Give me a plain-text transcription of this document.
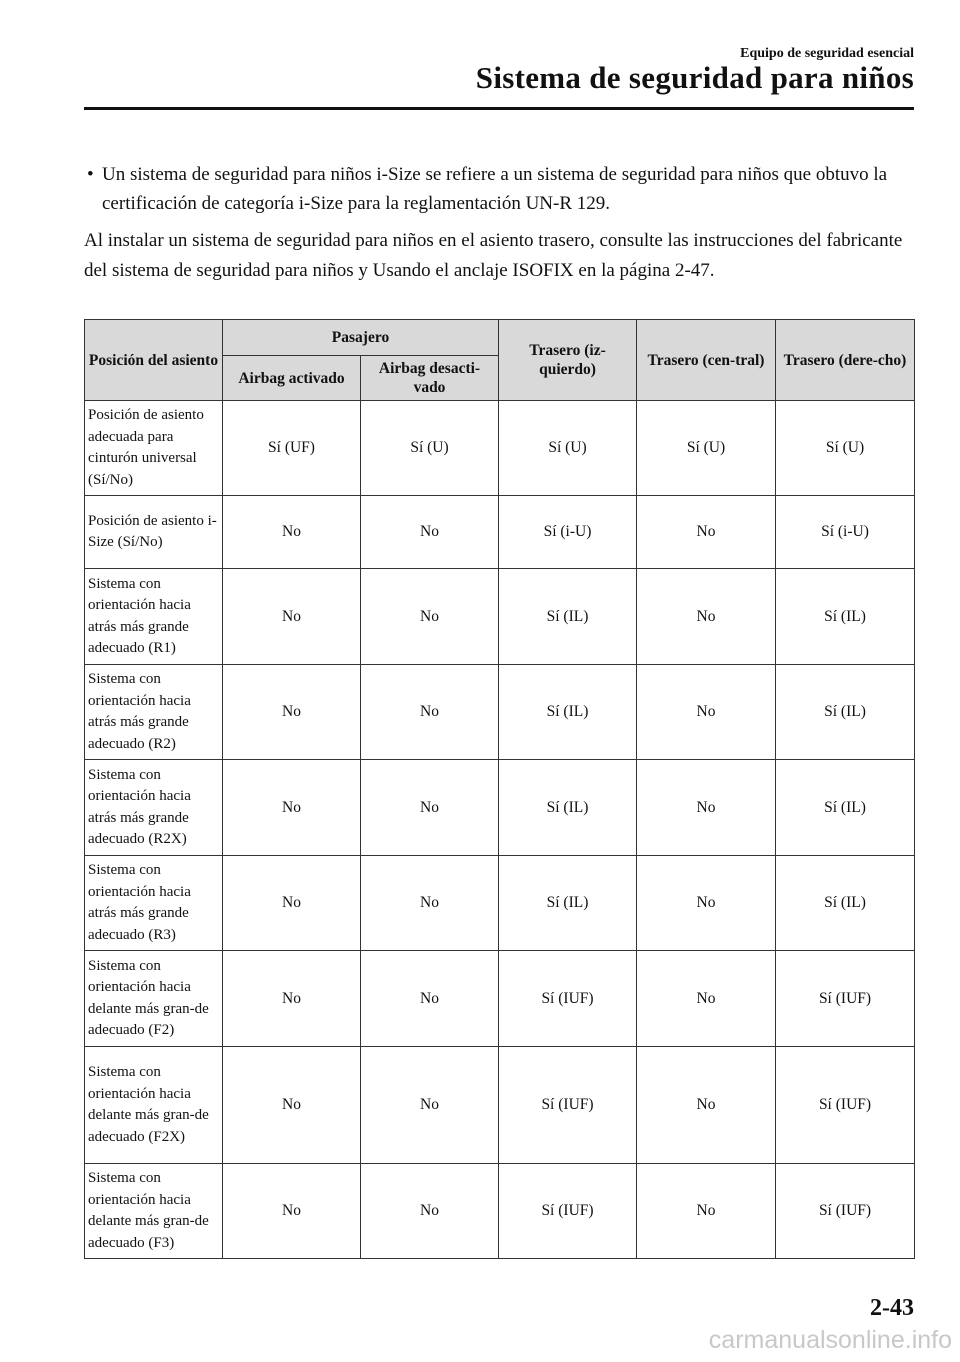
Equipo de seguridad esencial
Sistema de seguridad para niños
• Un sistema de seguridad para niños i-Size se refiere a un sistema de seguridad para niños que obtuvo la certificación de categoría i-Size para la reglamentación UN-R 129.

Al instalar un sistema de seguridad para niños en el asiento trasero, consulte las instrucciones del fabricante del sistema de seguridad para niños y Usando el anclaje ISOFIX en la página 2-47.

Posición del asiento	Pasajero		Trasero (iz-quierdo)	Trasero (cen-tral)	Trasero (dere-cho)
	Airbag activado	Airbag desacti-vado			
Posición de asiento adecuada para cinturón universal (Sí/No)	Sí (UF)	Sí (U)	Sí (U)	Sí (U)	Sí (U)
Posición de asiento i-Size (Sí/No)	No	No	Sí (i-U)	No	Sí (i-U)
Sistema con orientación hacia atrás más grande adecuado (R1)	No	No	Sí (IL)	No	Sí (IL)
Sistema con orientación hacia atrás más grande adecuado (R2)	No	No	Sí (IL)	No	Sí (IL)
Sistema con orientación hacia atrás más grande adecuado (R2X)	No	No	Sí (IL)	No	Sí (IL)
Sistema con orientación hacia atrás más grande adecuado (R3)	No	No	Sí (IL)	No	Sí (IL)
Sistema con orientación hacia delante más gran-de adecuado (F2)	No	No	Sí (IUF)	No	Sí (IUF)
Sistema con orientación hacia delante más gran-de adecuado (F2X)	No	No	Sí (IUF)	No	Sí (IUF)
Sistema con orientación hacia delante más gran-de adecuado (F3)	No	No	Sí (IUF)	No	Sí (IUF)
2-43
carmanualsonline.info
